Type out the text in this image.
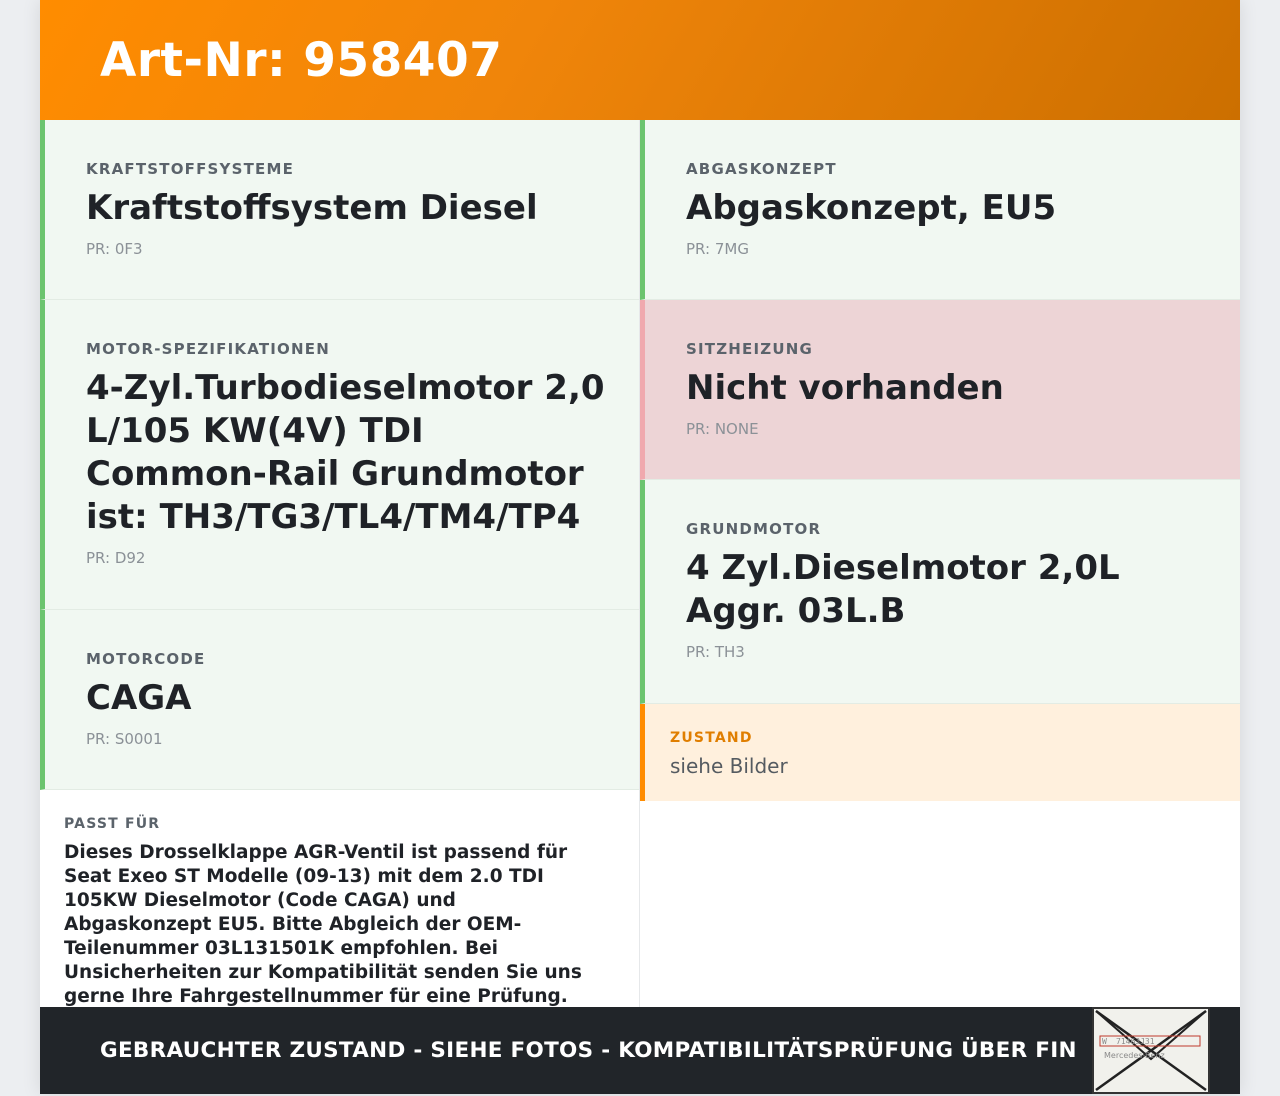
Art-Nr: 958407
KRAFTSTOFFSYSTEME
Kraftstoffsystem Diesel
PR: 0F3
MOTOR-SPEZIFIKATIONEN
4-Zyl.Turbodieselmotor 2,0 L/105 KW(4V) TDI Common-Rail Grundmotor ist: TH3/TG3/TL4/TM4/TP4
PR: D92
MOTORCODE
CAGA
PR: S0001
PASST FÜR
Dieses Drosselklappe AGR-Ventil ist passend für Seat Exeo ST Modelle (09-13) mit dem 2.0 TDI 105KW Dieselmotor (Code CAGA) und Abgaskonzept EU5. Bitte Abgleich der OEM-Teilenummer 03L131501K empfohlen. Bei Unsicherheiten zur Kompatibilität senden Sie uns gerne Ihre Fahrgestellnummer für eine Prüfung.
ABGASKONZEPT
Abgaskonzept, EU5
PR: 7MG
SITZHEIZUNG
Nicht vorhanden
PR: NONE
GRUNDMOTOR
4 Zyl.Dieselmotor 2,0L Aggr. 03L.B
PR: TH3
ZUSTAND
siehe Bilder
GEBRAUCHTER ZUSTAND - SIEHE FOTOS - KOMPATIBILITÄTSPRÜFUNG ÜBER FIN	W 71463J31
Mercedes-Benz
